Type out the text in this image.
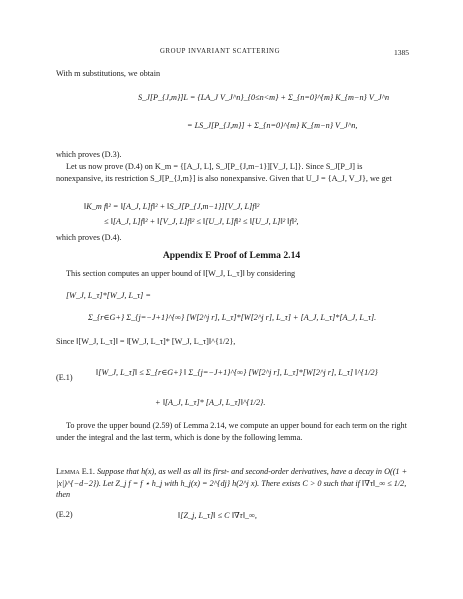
GROUP INVARIANT SCATTERING	1385
With m substitutions, we obtain
S_J[P_{J,m}]L = {LA_J V_J^n}_{0≤n<m} + Σ_{n=0}^{m} K_{m−n} V_J^n
= LS_J[P_{J,m}] + Σ_{n=0}^{m} K_{m−n} V_J^n,
which proves (D.3).
Let us now prove (D.4) on K_m = {[A_J, L], S_J[P_{J,m−1}][V_J, L]}. Since S_J[P_J] is nonexpansive, its restriction S_J[P_{J,m}] is also nonexpansive. Given that U_J = {A_J, V_J}, we get
‖K_m f‖² = ‖[A_J, L]f‖² + ‖S_J[P_{J,m−1}][V_J, L]f‖²
≤ ‖[A_J, L]f‖² + ‖[V_J, L]f‖² ≤ ‖[U_J, L]f‖² ≤ ‖[U_J, L]‖² ‖f‖²,
which proves (D.4).
Appendix E Proof of Lemma 2.14
This section computes an upper bound of ‖[W_J, L_τ]‖ by considering
[W_J, L_τ]*[W_J, L_τ] =
Σ_{r∈G+} Σ_{j=−J+1}^{∞} [W[2^j r], L_τ]*[W[2^j r], L_τ] + [A_J, L_τ]*[A_J, L_τ].
Since ‖[W_J, L_τ]‖ = ‖[W_J, L_τ]* [W_J, L_τ]‖^{1/2},
(E.1)
‖[W_J, L_τ]‖ ≤ Σ_{r∈G+} ‖ Σ_{j=−J+1}^{∞} [W[2^j r], L_τ]*[W[2^j r], L_τ] ‖^{1/2}
+ ‖[A_J, L_τ]* [A_J, L_τ]‖^{1/2}.
To prove the upper bound (2.59) of Lemma 2.14, we compute an upper bound for each term on the right under the integral and the last term, which is done by the following lemma.
Lemma E.1. Suppose that h(x), as well as all its first- and second-order derivatives, have a decay in O((1 + |x|)^{−d−2}). Let Z_j f = f ⋆ h_j with h_j(x) = 2^{dj} h(2^j x). There exists C > 0 such that if ‖∇τ‖_∞ ≤ 1/2, then
(E.2)	‖[Z_j, L_τ]‖ ≤ C ‖∇τ‖_∞,
